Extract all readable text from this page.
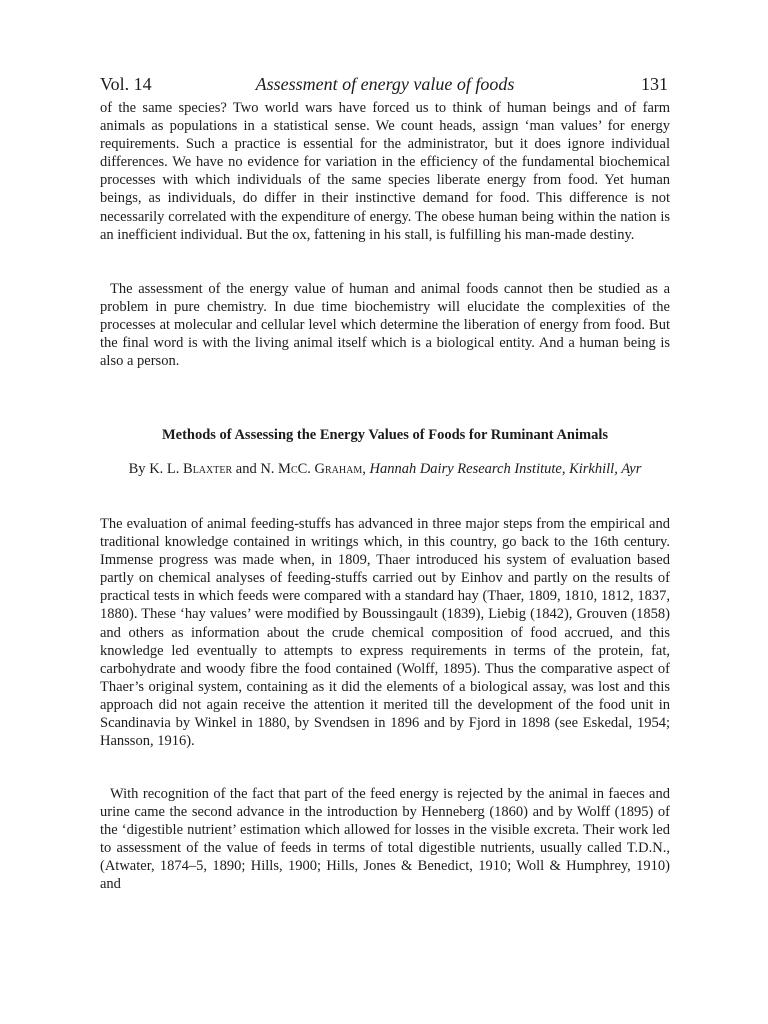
Vol. 14	Assessment of energy value of foods	131

of the same species? Two world wars have forced us to think of human beings and of farm animals as populations in a statistical sense. We count heads, assign ‘man values’ for energy requirements. Such a practice is essential for the administrator, but it does ignore individual differences. We have no evidence for variation in the efficiency of the fundamental biochemical processes with which individuals of the same species liberate energy from food. Yet human beings, as individuals, do differ in their instinctive demand for food. This difference is not necessarily correlated with the expenditure of energy. The obese human being within the nation is an inefficient individual. But the ox, fattening in his stall, is fulfilling his man-made destiny.

The assessment of the energy value of human and animal foods cannot then be studied as a problem in pure chemistry. In due time biochemistry will elucidate the complexities of the processes at molecular and cellular level which determine the liberation of energy from food. But the final word is with the living animal itself which is a biological entity. And a human being is also a person.

Methods of Assessing the Energy Values of Foods for Ruminant Animals

By K. L. Blaxter and N. McC. Graham, Hannah Dairy Research Institute, Kirkhill, Ayr

The evaluation of animal feeding-stuffs has advanced in three major steps from the empirical and traditional knowledge contained in writings which, in this country, go back to the 16th century. Immense progress was made when, in 1809, Thaer introduced his system of evaluation based partly on chemical analyses of feeding-stuffs carried out by Einhov and partly on the results of practical tests in which feeds were compared with a standard hay (Thaer, 1809, 1810, 1812, 1837, 1880). These ‘hay values’ were modified by Boussingault (1839), Liebig (1842), Grouven (1858) and others as information about the crude chemical composition of food accrued, and this knowledge led eventually to attempts to express requirements in terms of the protein, fat, carbohydrate and woody fibre the food contained (Wolff, 1895). Thus the comparative aspect of Thaer’s original system, containing as it did the elements of a biological assay, was lost and this approach did not again receive the attention it merited till the development of the food unit in Scandinavia by Winkel in 1880, by Svendsen in 1896 and by Fjord in 1898 (see Eskedal, 1954; Hansson, 1916).

With recognition of the fact that part of the feed energy is rejected by the animal in faeces and urine came the second advance in the introduction by Henneberg (1860) and by Wolff (1895) of the ‘digestible nutrient’ estimation which allowed for losses in the visible excreta. Their work led to assessment of the value of feeds in terms of total digestible nutrients, usually called T.D.N., (Atwater, 1874–5, 1890; Hills, 1900; Hills, Jones & Benedict, 1910; Woll & Humphrey, 1910) and
